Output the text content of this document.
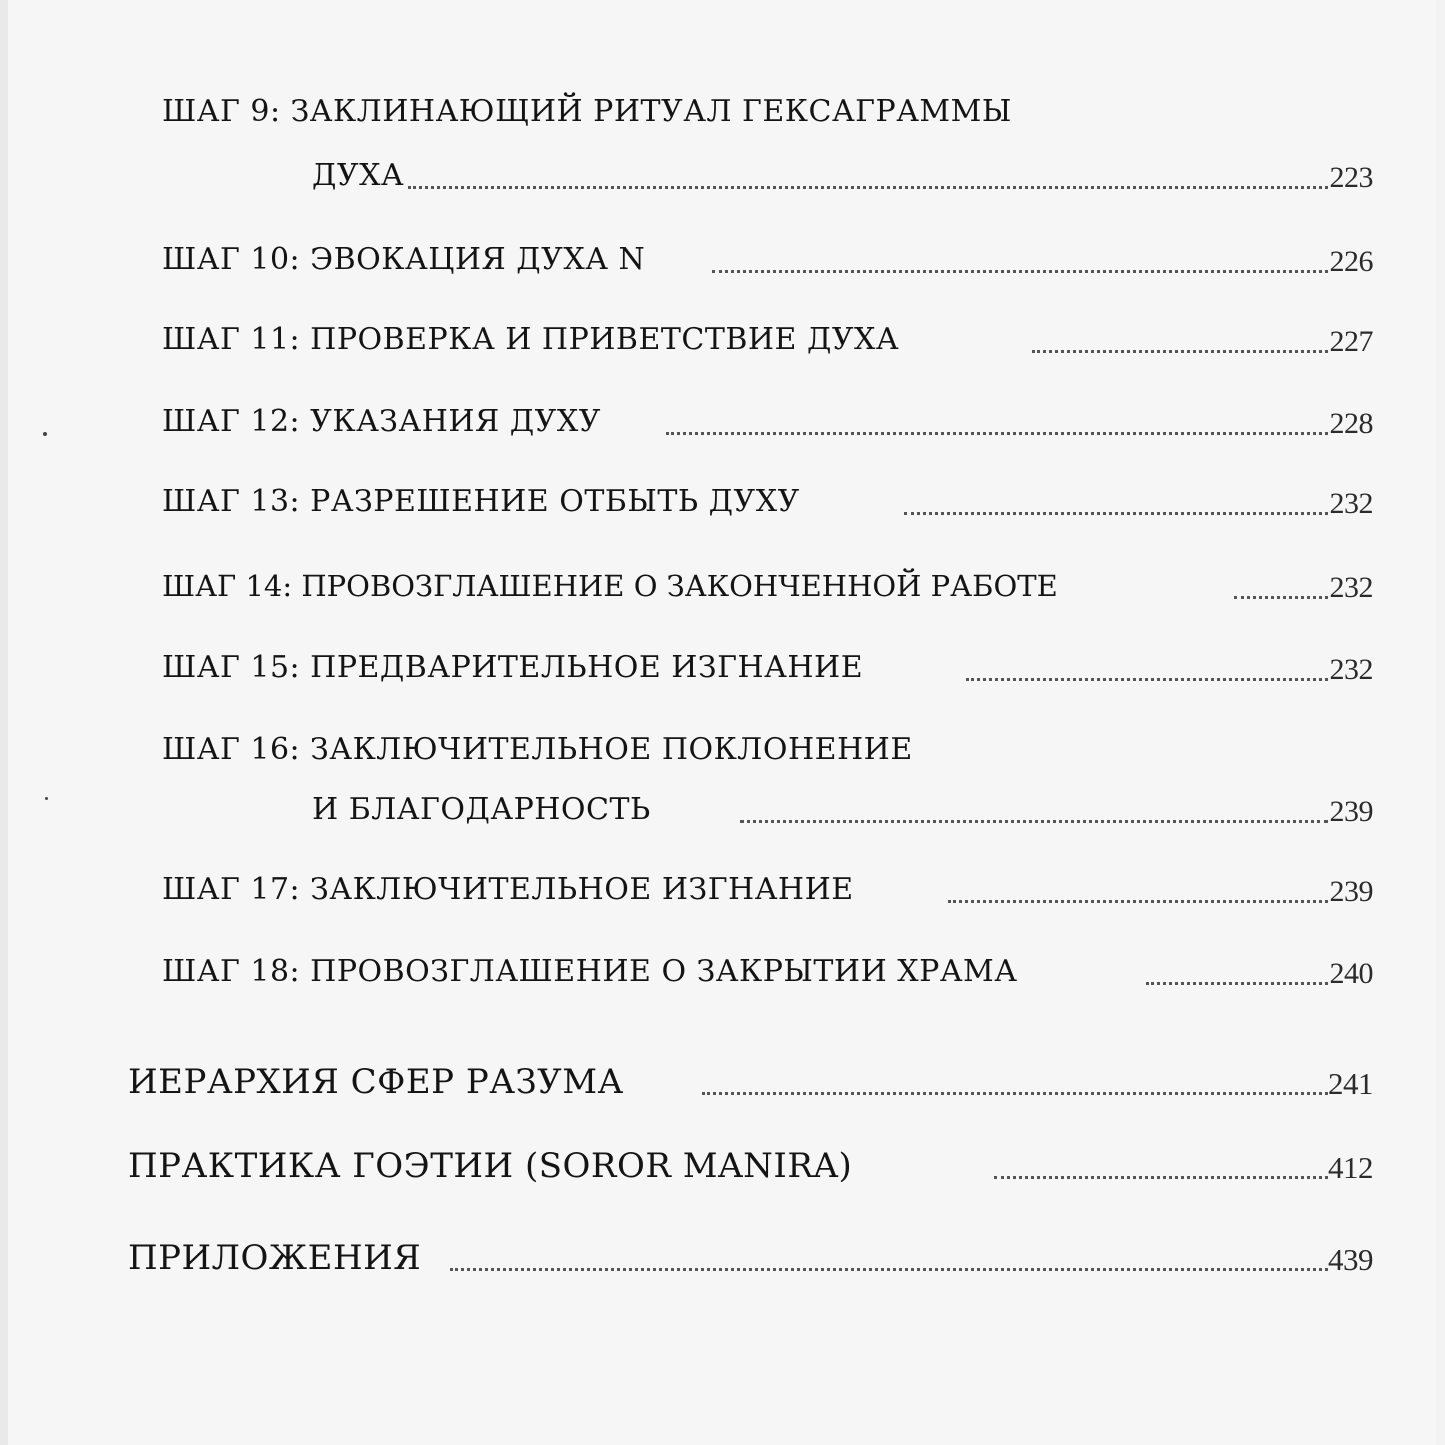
ШАГ 9: ЗАКЛИНАЮЩИЙ РИТУАЛ ГЕКСАГРАММЫ
ДУХА	223
ШАГ 10: ЭВОКАЦИЯ ДУХА N	226
ШАГ 11: ПРОВЕРКА И ПРИВЕТСТВИЕ ДУХА	227
ШАГ 12: УКАЗАНИЯ ДУХУ	228
ШАГ 13: РАЗРЕШЕНИЕ ОТБЫТЬ ДУХУ	232
ШАГ 14: ПРОВОЗГЛАШЕНИЕ О ЗАКОНЧЕННОЙ РАБОТЕ	232
ШАГ 15: ПРЕДВАРИТЕЛЬНОЕ ИЗГНАНИЕ	232
ШАГ 16: ЗАКЛЮЧИТЕЛЬНОЕ ПОКЛОНЕНИЕ
И БЛАГОДАРНОСТЬ	239
ШАГ 17: ЗАКЛЮЧИТЕЛЬНОЕ ИЗГНАНИЕ	239
ШАГ 18: ПРОВОЗГЛАШЕНИЕ О ЗАКРЫТИИ ХРАМА	240
ИЕРАРХИЯ СФЕР РАЗУМА	241
ПРАКТИКА ГОЭТИИ (SOROR MANIRA)	412
ПРИЛОЖЕНИЯ	439
